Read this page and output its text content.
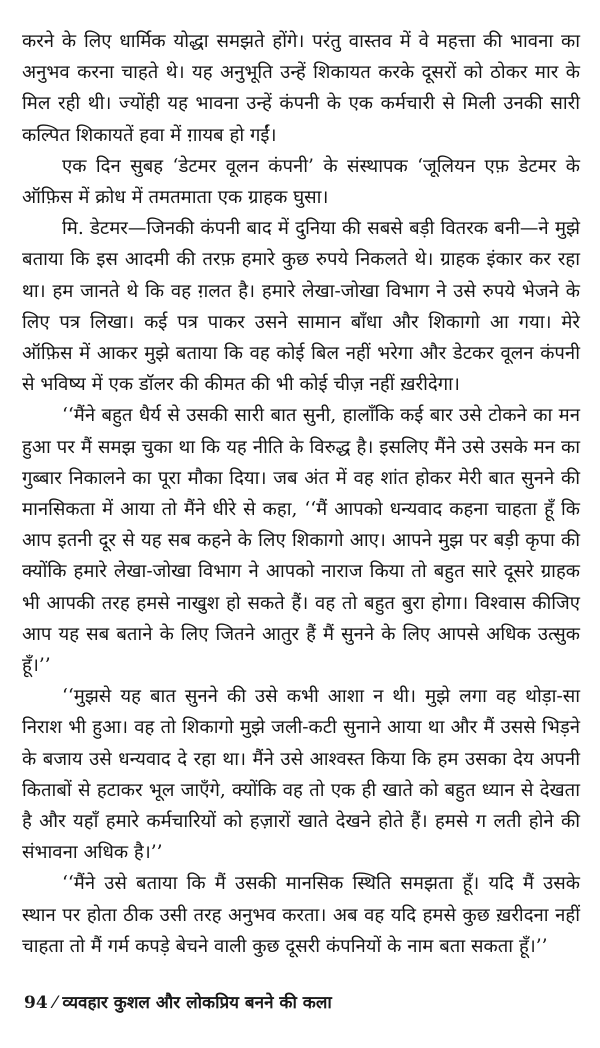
करने के लिए धार्मिक योद्धा समझते होंगे। परंतु वास्तव में वे महत्ता की भावना का अनुभव करना चाहते थे। यह अनुभूति उन्हें शिकायत करके दूसरों को ठोकर मार के मिल रही थी। ज्योंही यह भावना उन्हें कंपनी के एक कर्मचारी से मिली उनकी सारी कल्पित शिकायतें हवा में ग़ायब हो गईं।

एक दिन सुबह ‘डेटमर वूलन कंपनी’ के संस्थापक ‘जूलियन एफ़ डेटमर के ऑफ़िस में क्रोध में तमतमाता एक ग्राहक घुसा।

मि. डेटमर—जिनकी कंपनी बाद में दुनिया की सबसे बड़ी वितरक बनी—ने मुझे बताया कि इस आदमी की तरफ़ हमारे कुछ रुपये निकलते थे। ग्राहक इंकार कर रहा था। हम जानते थे कि वह ग़लत है। हमारे लेखा-जोखा विभाग ने उसे रुपये भेजने के लिए पत्र लिखा। कई पत्र पाकर उसने सामान बाँधा और शिकागो आ गया। मेरे ऑफ़िस में आकर मुझे बताया कि वह कोई बिल नहीं भरेगा और डेटकर वूलन कंपनी से भविष्य में एक डॉलर की कीमत की भी कोई चीज़ नहीं ख़रीदेगा।

‘‘मैंने बहुत धैर्य से उसकी सारी बात सुनी, हालाँकि कई बार उसे टोकने का मन हुआ पर मैं समझ चुका था कि यह नीति के विरुद्ध है। इसलिए मैंने उसे उसके मन का गुब्बार निकालने का पूरा मौका दिया। जब अंत में वह शांत होकर मेरी बात सुनने की मानसिकता में आया तो मैंने धीरे से कहा, ‘‘मैं आपको धन्यवाद कहना चाहता हूँ कि आप इतनी दूर से यह सब कहने के लिए शिकागो आए। आपने मुझ पर बड़ी कृपा की क्योंकि हमारे लेखा-जोखा विभाग ने आपको नाराज किया तो बहुत सारे दूसरे ग्राहक भी आपकी तरह हमसे नाखुश हो सकते हैं। वह तो बहुत बुरा होगा। विश्वास कीजिए आप यह सब बताने के लिए जितने आतुर हैं मैं सुनने के लिए आपसे अधिक उत्सुक हूँ।’’

‘‘मुझसे यह बात सुनने की उसे कभी आशा न थी। मुझे लगा वह थोड़ा-सा निराश भी हुआ। वह तो शिकागो मुझे जली-कटी सुनाने आया था और मैं उससे भिड़ने के बजाय उसे धन्यवाद दे रहा था। मैंने उसे आश्वस्त किया कि हम उसका देय अपनी किताबों से हटाकर भूल जाएँगे, क्योंकि वह तो एक ही खाते को बहुत ध्यान से देखता है और यहाँ हमारे कर्मचारियों को हज़ारों खाते देखने होते हैं। हमसे ग लती होने की संभावना अधिक है।’’

‘‘मैंने उसे बताया कि मैं उसकी मानसिक स्थिति समझता हूँ। यदि मैं उसके स्थान पर होता ठीक उसी तरह अनुभव करता। अब वह यदि हमसे कुछ ख़रीदना नहीं चाहता तो मैं गर्म कपड़े बेचने वाली कुछ दूसरी कंपनियों के नाम बता सकता हूँ।’’

94 ⁄ व्यवहार कुशल और लोकप्रिय बनने की कला
